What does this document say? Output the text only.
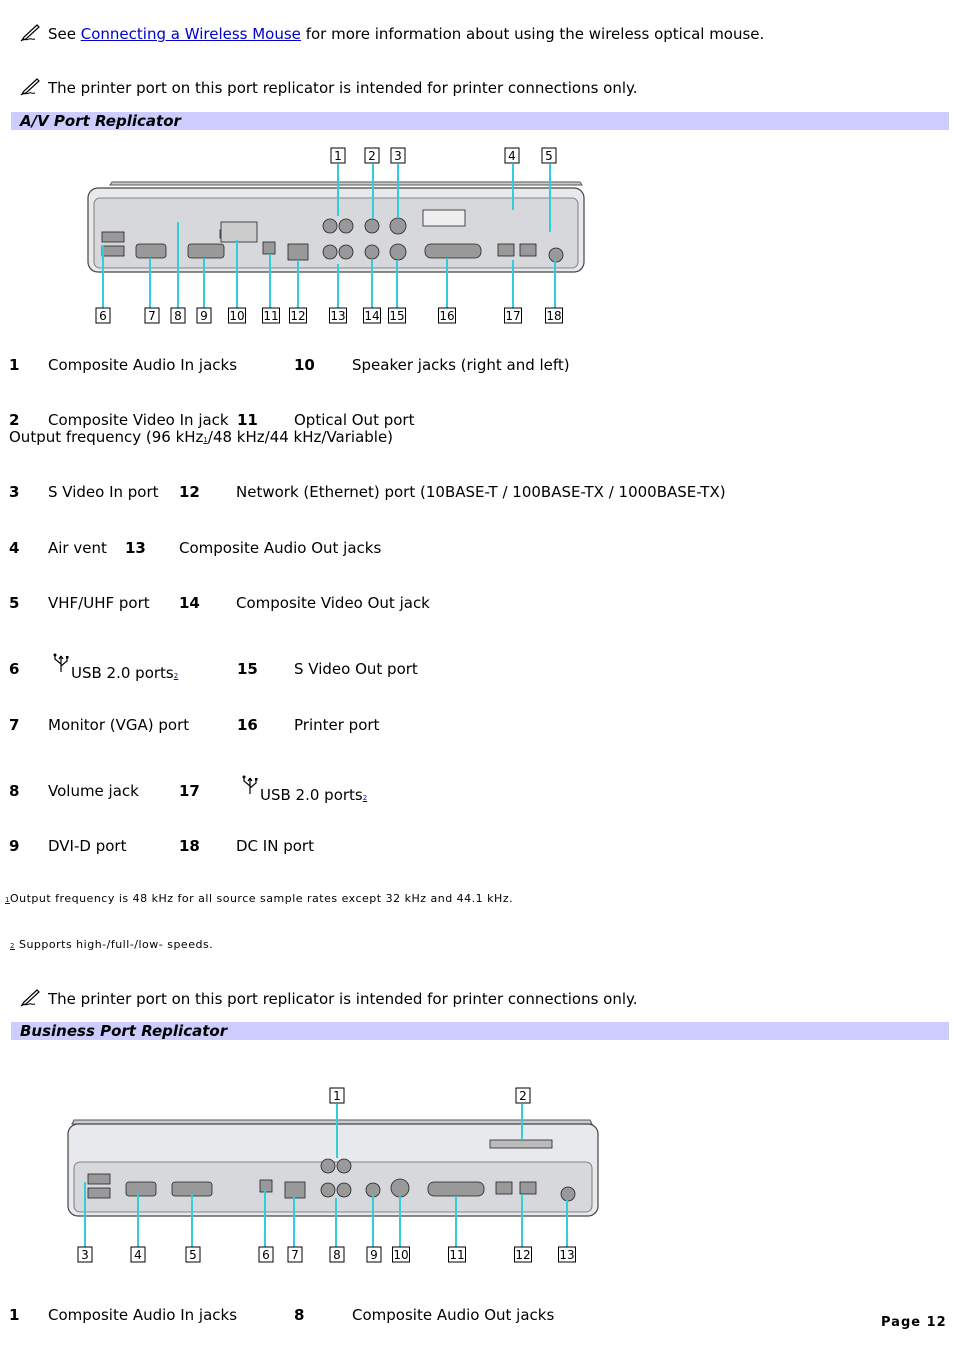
See Connecting a Wireless Mouse for more information about using the wireless optical mouse.
The printer port on this port replicator is intended for printer connections only.
A/V Port Replicator
1 2 3	4 5
6	7 8 9 10 11 12 13 14 15	16	17 18
1 Composite Audio In jacks	10 Speaker jacks (right and left)
2 Composite Video In jack 11 Optical Out port
Output frequency (96 kHz1/48 kHz/44 kHz/Variable)
3 S Video In port 12 Network (Ethernet) port (10BASE-T / 100BASE-TX / 1000BASE-TX)
4 Air vent 13 Composite Audio Out jacks
5 VHF/UHF port 14 Composite Video Out jack
6	USB 2.0 ports$_2$	15 S Video Out port
7 Monitor (VGA) port	16 Printer port
8 Volume jack	17	USB 2.0 ports$_2$
9 DVI-D port	18 DC IN port
1Output frequency is 48 kHz for all source sample rates except 32 kHz and 44.1 kHz.
2 Supports high-/full-/low- speeds.
The printer port on this port replicator is intended for printer connections only.
Business Port Replicator
1	2
3	4	5	6 7	8 9 10	11	12 13
1 Composite Audio In jacks	8	Composite Audio Out jacks	Page 12
